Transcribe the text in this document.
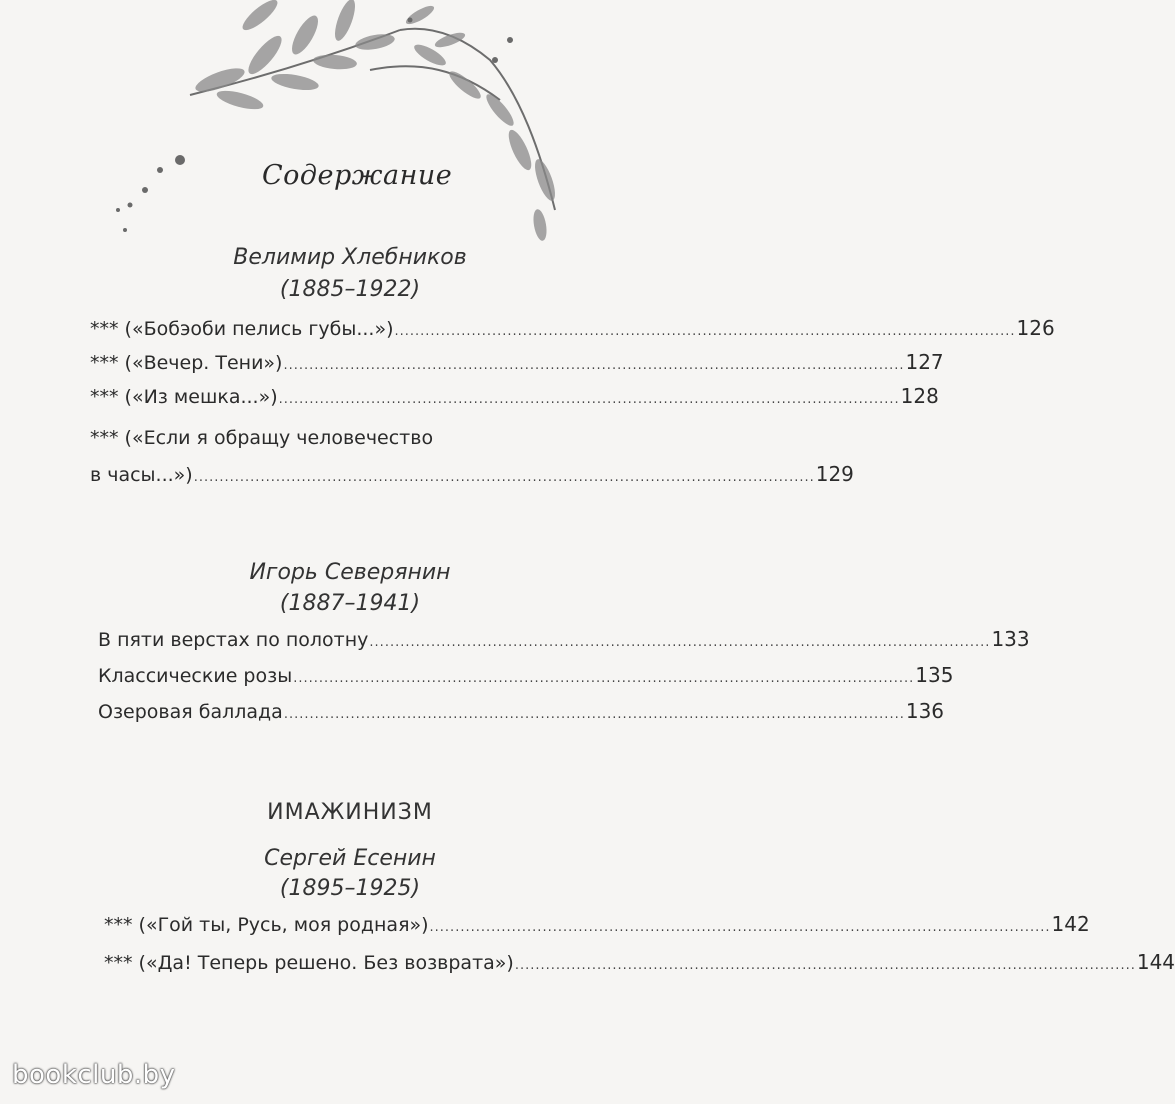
Содержание
Велимир Хлебников
(1885–1922)
*** («Бобэоби пелись губы...») ......................................................................................................................... 126
*** («Вечер. Тени») ......................................................................................................................... 127
*** («Из мешка...») ......................................................................................................................... 128
*** («Если я обращу человечество
в часы...») ......................................................................................................................... 129
Игорь Северянин
(1887–1941)
В пяти верстах по полотну ......................................................................................................................... 133
Классические розы ......................................................................................................................... 135
Озеровая баллада ......................................................................................................................... 136
ИМАЖИНИЗМ
Сергей Есенин
(1895–1925)
*** («Гой ты, Русь, моя родная») ......................................................................................................................... 142
*** («Да! Теперь решено. Без возврата») ......................................................................................................................... 144
bookclub.by
